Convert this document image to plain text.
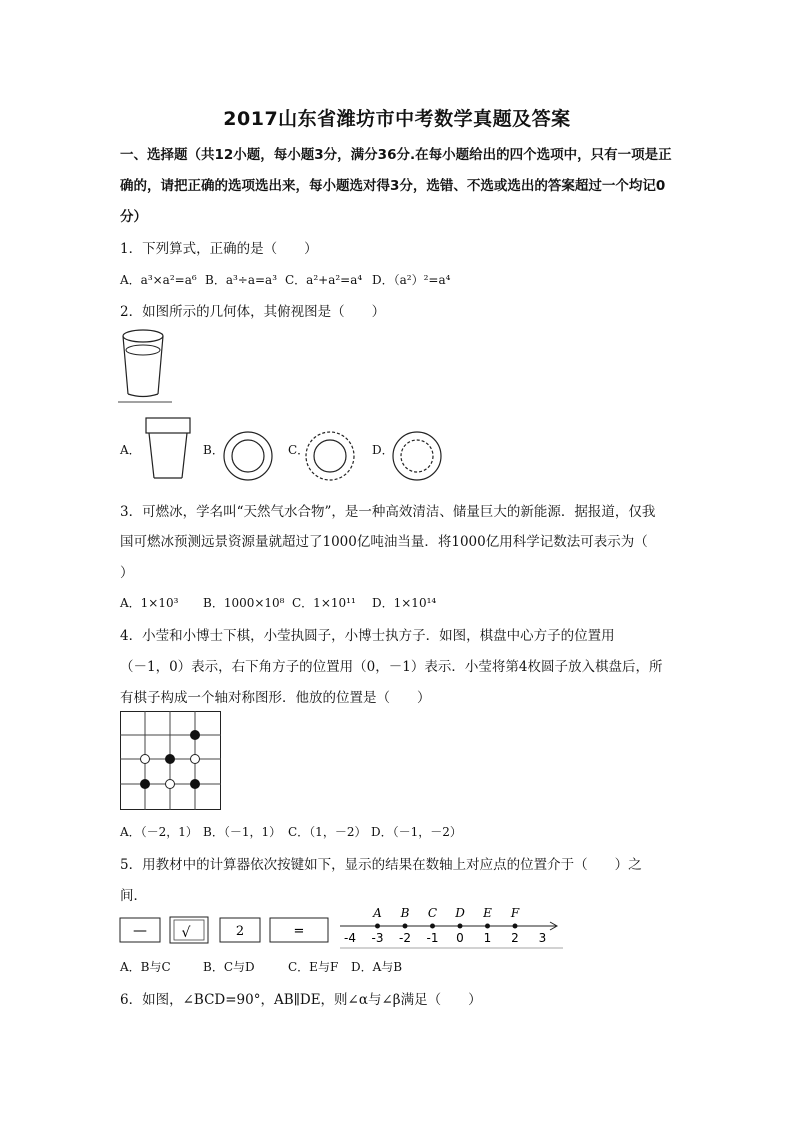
2017山东省潍坊市中考数学真题及答案
一、选择题（共12小题，每小题3分，满分36分.在每小题给出的四个选项中，只有一项是正确的，请把正确的选项选出来，每小题选对得3分，选错、不选或选出的答案超过一个均记0分）
1．下列算式，正确的是（　　）
A．a³×a²=a⁶ B．a³÷a=a³ C．a²+a²=a⁴ D．（a²）²=a⁴
2．如图所示的几何体，其俯视图是（　　）
A．	B．	C．	D．
3．可燃冰，学名叫“天然气水合物”，是一种高效清洁、储量巨大的新能源．据报道，仅我
国可燃冰预测远景资源量就超过了1000亿吨油当量．将1000亿用科学记数法可表示为（
）
A．1×10³ B．1000×10⁸ C．1×10¹¹ D．1×10¹⁴
4．小莹和小博士下棋，小莹执圆子，小博士执方子．如图，棋盘中心方子的位置用
（－1，0）表示，右下角方子的位置用（0，－1）表示．小莹将第4枚圆子放入棋盘后，所
有棋子构成一个轴对称图形．他放的位置是（　　）
A．（－2，1） B．（－1，1） C．（1，－2） D．（－1，－2）
5．用教材中的计算器依次按键如下，显示的结果在数轴上对应点的位置介于（　　）之
间．
— √	2	=	-4 -3 -2 -1 0 1 2 3
A B C D E F
A．B与C	B．C与D	C．E与F D．A与B
6．如图，∠BCD=90°，AB∥DE，则∠α与∠β满足（　　）
